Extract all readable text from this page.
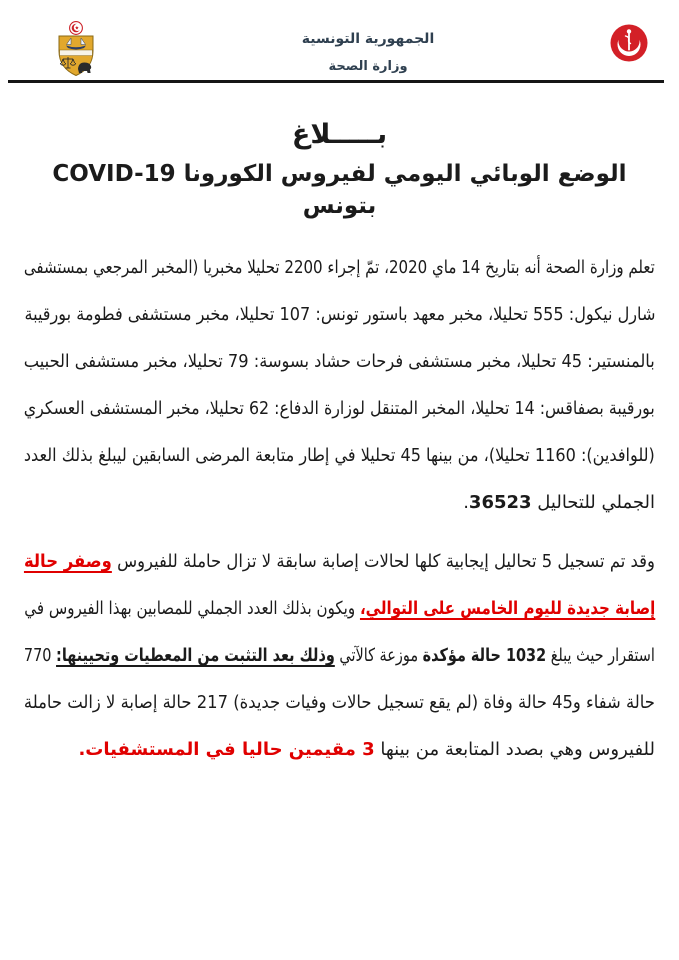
الجمهورية التونسية
وزارة الصحة
بـــــلاغ
الوضع الوبائي اليومي لفيروس الكورونا COVID-19 بتونس
تعلم وزارة الصحة أنه بتاريخ 14 ماي 2020، تمّ إجراء 2200 تحليلا مخبريا (المخبر المرجعي بمستشفى
شارل نيكول: 555 تحليلا، مخبر معهد باستور تونس: 107 تحليلا، مخبر مستشفى فطومة بورقيبة
بالمنستير: 45 تحليلا، مخبر مستشفى فرحات حشاد بسوسة: 79 تحليلا، مخبر مستشفى الحبيب
بورقيبة بصفاقس: 14 تحليلا، المخبر المتنقل لوزارة الدفاع: 62 تحليلا، مخبر المستشفى العسكري
(للوافدين): 1160 تحليلا)، من بينها 45 تحليلا في إطار متابعة المرضى السابقين ليبلغ بذلك العدد
الجملي للتحاليل 36523.
وقد تم تسجيل 5 تحاليل إيجابية كلها لحالات إصابة سابقة لا تزال حاملة للفيروس وصفر حالة
إصابة جديدة لليوم الخامس على التوالي، ويكون بذلك العدد الجملي للمصابين بهذا الفيروس في
استقرار حيث يبلغ 1032 حالة مؤكدة موزعة كالآتي وذلك بعد التثبت من المعطيات وتحيينها: 770
حالة شفاء و45 حالة وفاة (لم يقع تسجيل حالات وفيات جديدة) 217 حالة إصابة لا زالت حاملة
للفيروس وهي بصدد المتابعة من بينها 3 مقيمين حاليا في المستشفيات.
